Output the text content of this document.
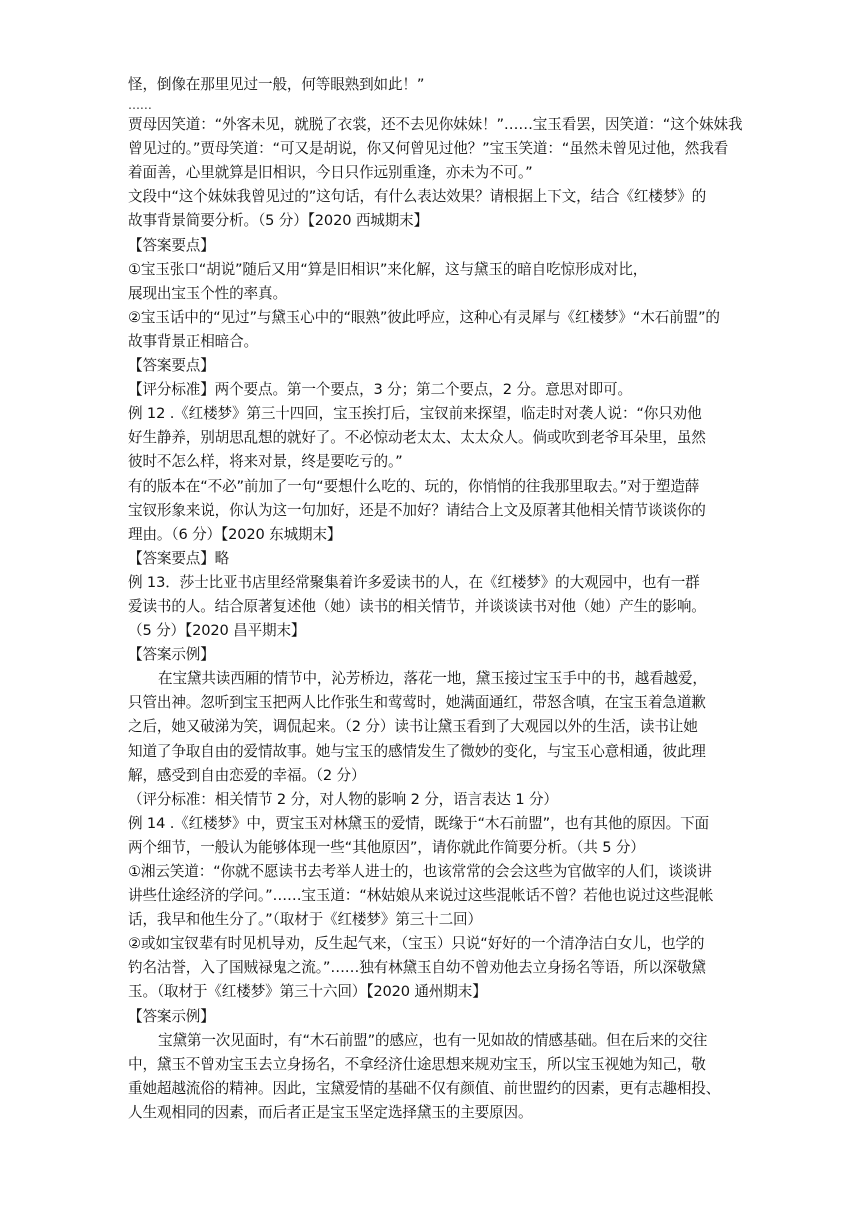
怪，倒像在那里见过一般，何等眼熟到如此！”
……
贾母因笑道：“外客未见，就脱了衣裳，还不去见你妹妹！”……宝玉看罢，因笑道：“这个妹妹我
曾见过的。”贾母笑道：“可又是胡说，你又何曾见过他？”宝玉笑道：“虽然未曾见过他，然我看
着面善，心里就算是旧相识，今日只作远别重逢，亦未为不可。”
文段中“这个妹妹我曾见过的”这句话，有什么表达效果？请根据上下文，结合《红楼梦》的
故事背景简要分析。（5 分）【2020 西城期末】
【答案要点】
①宝玉张口“胡说”随后又用“算是旧相识”来化解，这与黛玉的暗自吃惊形成对比，
展现出宝玉个性的率真。
②宝玉话中的“见过”与黛玉心中的“眼熟”彼此呼应，这种心有灵犀与《红楼梦》“木石前盟”的
故事背景正相暗合。
【答案要点】
【评分标准】两个要点。第一个要点，3 分；第二个要点，2 分。意思对即可。
例 12 .《红楼梦》第三十四回，宝玉挨打后，宝钗前来探望，临走时对袭人说：“你只劝他
好生静养，别胡思乱想的就好了。不必惊动老太太、太太众人。倘或吹到老爷耳朵里，虽然
彼时不怎么样，将来对景，终是要吃亏的。”
有的版本在“不必”前加了一句“要想什么吃的、玩的，你悄悄的往我那里取去。”对于塑造薛
宝钗形象来说，你认为这一句加好，还是不加好？请结合上文及原著其他相关情节谈谈你的
理由。（6 分）【2020 东城期末】
【答案要点】略
例 13．莎士比亚书店里经常聚集着许多爱读书的人，在《红楼梦》的大观园中，也有一群
爱读书的人。结合原著复述他（她）读书的相关情节，并谈谈读书对他（她）产生的影响。
（5 分）【2020 昌平期末】
【答案示例】
在宝黛共读西厢的情节中，沁芳桥边，落花一地，黛玉接过宝玉手中的书，越看越爱，
只管出神。忽听到宝玉把两人比作张生和莺莺时，她满面通红，带怒含嗔，在宝玉着急道歉
之后，她又破涕为笑，调侃起来。（2 分）读书让黛玉看到了大观园以外的生活，读书让她
知道了争取自由的爱情故事。她与宝玉的感情发生了微妙的变化，与宝玉心意相通，彼此理
解，感受到自由恋爱的幸福。（2 分）
（评分标准：相关情节 2 分，对人物的影响 2 分，语言表达 1 分）
例 14 .《红楼梦》中，贾宝玉对林黛玉的爱情，既缘于“木石前盟”，也有其他的原因。下面
两个细节，一般认为能够体现一些“其他原因”，请你就此作简要分析。（共 5 分）
①湘云笑道：“你就不愿读书去考举人进士的，也该常常的会会这些为官做宰的人们，谈谈讲
讲些仕途经济的学问。”……宝玉道：“林姑娘从来说过这些混帐话不曾？若他也说过这些混帐
话，我早和他生分了。”（取材于《红楼梦》第三十二回）
②或如宝钗辈有时见机导劝，反生起气来，（宝玉）只说“好好的一个清净洁白女儿，也学的
钓名沽誉，入了国贼禄鬼之流。”……独有林黛玉自幼不曾劝他去立身扬名等语，所以深敬黛
玉。（取材于《红楼梦》第三十六回）【2020 通州期末】
【答案示例】
宝黛第一次见面时，有“木石前盟”的感应，也有一见如故的情感基础。但在后来的交往
中，黛玉不曾劝宝玉去立身扬名，不拿经济仕途思想来规劝宝玉，所以宝玉视她为知己，敬
重她超越流俗的精神。因此，宝黛爱情的基础不仅有颜值、前世盟约的因素，更有志趣相投、
人生观相同的因素，而后者正是宝玉坚定选择黛玉的主要原因。
